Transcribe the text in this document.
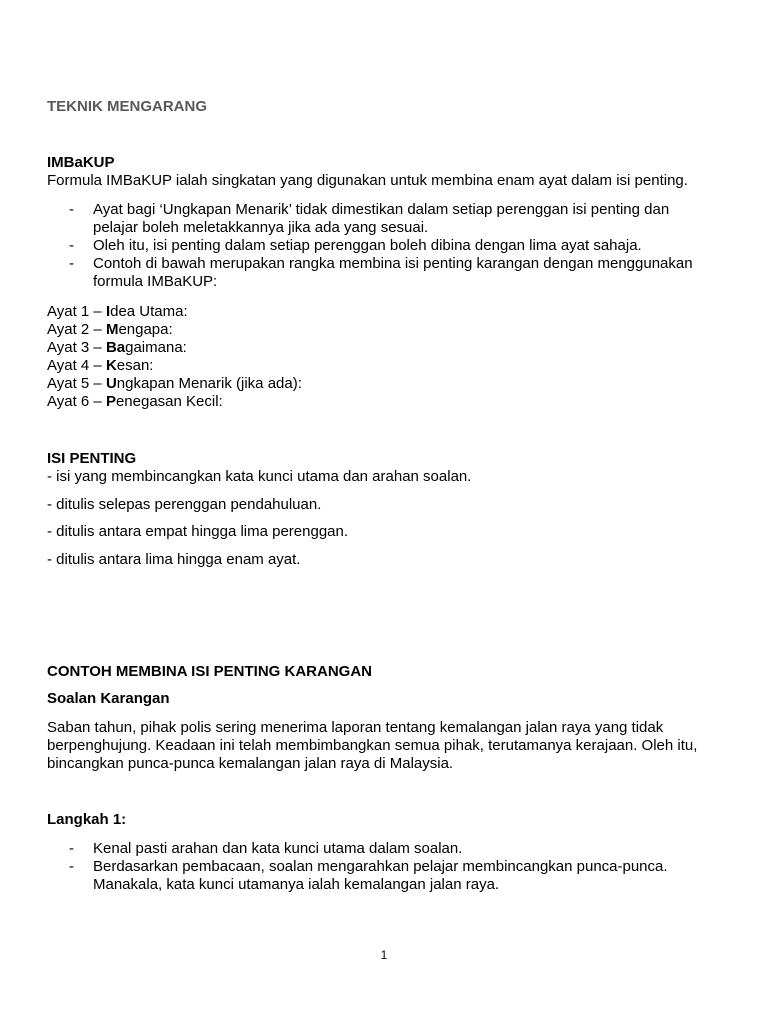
TEKNIK MENGARANG
IMBaKUP
Formula IMBaKUP ialah singkatan yang digunakan untuk membina enam ayat dalam isi penting.
- Ayat bagi ‘Ungkapan Menarik’ tidak dimestikan dalam setiap perenggan isi penting dan pelajar boleh meletakkannya jika ada yang sesuai.
- Oleh itu, isi penting dalam setiap perenggan boleh dibina dengan lima ayat sahaja.
- Contoh di bawah merupakan rangka membina isi penting karangan dengan menggunakan formula IMBaKUP:
Ayat 1 – Idea Utama:
Ayat 2 – Mengapa:
Ayat 3 – Bagaimana:
Ayat 4 – Kesan:
Ayat 5 – Ungkapan Menarik (jika ada):
Ayat 6 – Penegasan Kecil:
ISI PENTING
- isi yang membincangkan kata kunci utama dan arahan soalan.
- ditulis selepas perenggan pendahuluan.
- ditulis antara empat hingga lima perenggan.
- ditulis antara lima hingga enam ayat.
CONTOH MEMBINA ISI PENTING KARANGAN
Soalan Karangan
Saban tahun, pihak polis sering menerima laporan tentang kemalangan jalan raya yang tidak berpenghujung. Keadaan ini telah membimbangkan semua pihak, terutamanya kerajaan. Oleh itu, bincangkan punca-punca kemalangan jalan raya di Malaysia.
Langkah 1:
- Kenal pasti arahan dan kata kunci utama dalam soalan.
- Berdasarkan pembacaan, soalan mengarahkan pelajar membincangkan punca-punca. Manakala, kata kunci utamanya ialah kemalangan jalan raya.
1
